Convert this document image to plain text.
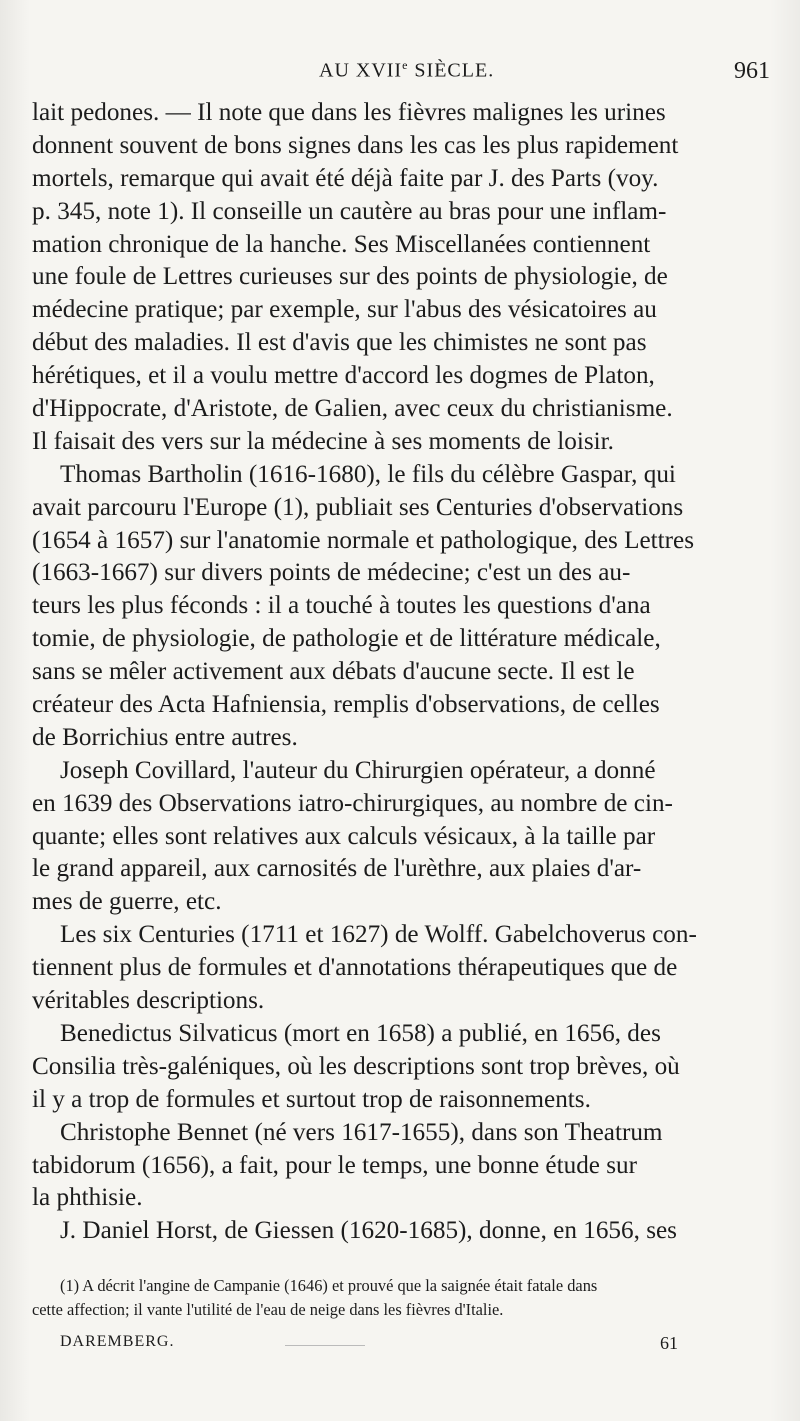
AU XVIIe SIÈCLE.	961
lait pedones. — Il note que dans les fièvres malignes les urines
donnent souvent de bons signes dans les cas les plus rapidement
mortels, remarque qui avait été déjà faite par J. des Parts (voy.
p. 345, note 1). Il conseille un cautère au bras pour une inflam-
mation chronique de la hanche. Ses Miscellanées contiennent
une foule de Lettres curieuses sur des points de physiologie, de
médecine pratique; par exemple, sur l'abus des vésicatoires au
début des maladies. Il est d'avis que les chimistes ne sont pas
hérétiques, et il a voulu mettre d'accord les dogmes de Platon,
d'Hippocrate, d'Aristote, de Galien, avec ceux du christianisme.
Il faisait des vers sur la médecine à ses moments de loisir.
Thomas Bartholin (1616-1680), le fils du célèbre Gaspar, qui
avait parcouru l'Europe (1), publiait ses Centuries d'observations
(1654 à 1657) sur l'anatomie normale et pathologique, des Lettres
(1663-1667) sur divers points de médecine; c'est un des au-
teurs les plus féconds : il a touché à toutes les questions d'ana
tomie, de physiologie, de pathologie et de littérature médicale,
sans se mêler activement aux débats d'aucune secte. Il est le
créateur des Acta Hafniensia, remplis d'observations, de celles
de Borrichius entre autres.
Joseph Covillard, l'auteur du Chirurgien opérateur, a donné
en 1639 des Observations iatro-chirurgiques, au nombre de cin-
quante; elles sont relatives aux calculs vésicaux, à la taille par
le grand appareil, aux carnosités de l'urèthre, aux plaies d'ar-
mes de guerre, etc.
Les six Centuries (1711 et 1627) de Wolff. Gabelchoverus con-
tiennent plus de formules et d'annotations thérapeutiques que de
véritables descriptions.
Benedictus Silvaticus (mort en 1658) a publié, en 1656, des
Consilia très-galéniques, où les descriptions sont trop brèves, où
il y a trop de formules et surtout trop de raisonnements.
Christophe Bennet (né vers 1617-1655), dans son Theatrum
tabidorum (1656), a fait, pour le temps, une bonne étude sur
la phthisie.
J. Daniel Horst, de Giessen (1620-1685), donne, en 1656, ses
(1) A décrit l'angine de Campanie (1646) et prouvé que la saignée était fatale dans
cette affection; il vante l'utilité de l'eau de neige dans les fièvres d'Italie.
DAREMBERG.	61
